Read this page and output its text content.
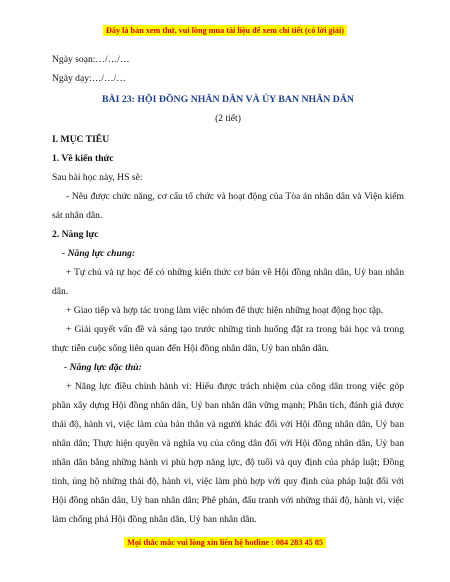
Đây là bản xem thử, vui lòng mua tài liệu để xem chi tiết (có lời giải)

Ngày soạn:…/…/…

Ngày dạy:…/…/…

BÀI 23: HỘI ĐỒNG NHÂN DÂN VÀ ỦY BAN NHÂN DÂN

(2 tiết)

I. MỤC TIÊU

1. Về kiến thức

Sau bài học này, HS sẽ:

- Nêu được chức năng, cơ cấu tổ chức và hoạt động của Tòa án nhân dân và Viện kiểm sát nhân dân.

2. Năng lực

- Năng lực chung:

+ Tự chủ và tự học để có những kiến thức cơ bản về Hội đồng nhân dân, Uỷ ban nhân dân.

+ Giao tiếp và hợp tác trong làm việc nhóm để thực hiện những hoạt động học tập.

+ Giải quyết vấn đề và sáng tạo trước những tình huống đặt ra trong bài học và trong thực tiễn cuộc sống liên quan đến Hội đồng nhân dân, Uỷ ban nhân dân.

- Năng lực đặc thù:

+ Năng lực điều chỉnh hành vi: Hiểu được trách nhiệm của công dân trong việc góp phần xây dựng Hội đồng nhân dân, Uỷ ban nhân dân vững mạnh; Phân tích, đánh giá được thái độ, hành vi, việc làm của bản thân và người khác đối với Hội đồng nhân dân, Uỷ ban nhân dân; Thực hiện quyền và nghĩa vụ của công dân đối với Hội đồng nhân dân, Uỷ ban nhân dân bằng những hành vi phù hợp năng lực, độ tuổi và quy định của pháp luật; Đồng tình, ủng hộ những thái độ, hành vi, việc làm phù hợp với quy định của pháp luật đối với Hội đồng nhân dân, Uỷ ban nhân dân; Phê phán, đấu tranh với những thái độ, hành vi, việc làm chống phá Hội đồng nhân dân, Uỷ ban nhân dân.

Mọi thắc mắc vui lòng xin liên hệ hotline : 084 283 45 85
